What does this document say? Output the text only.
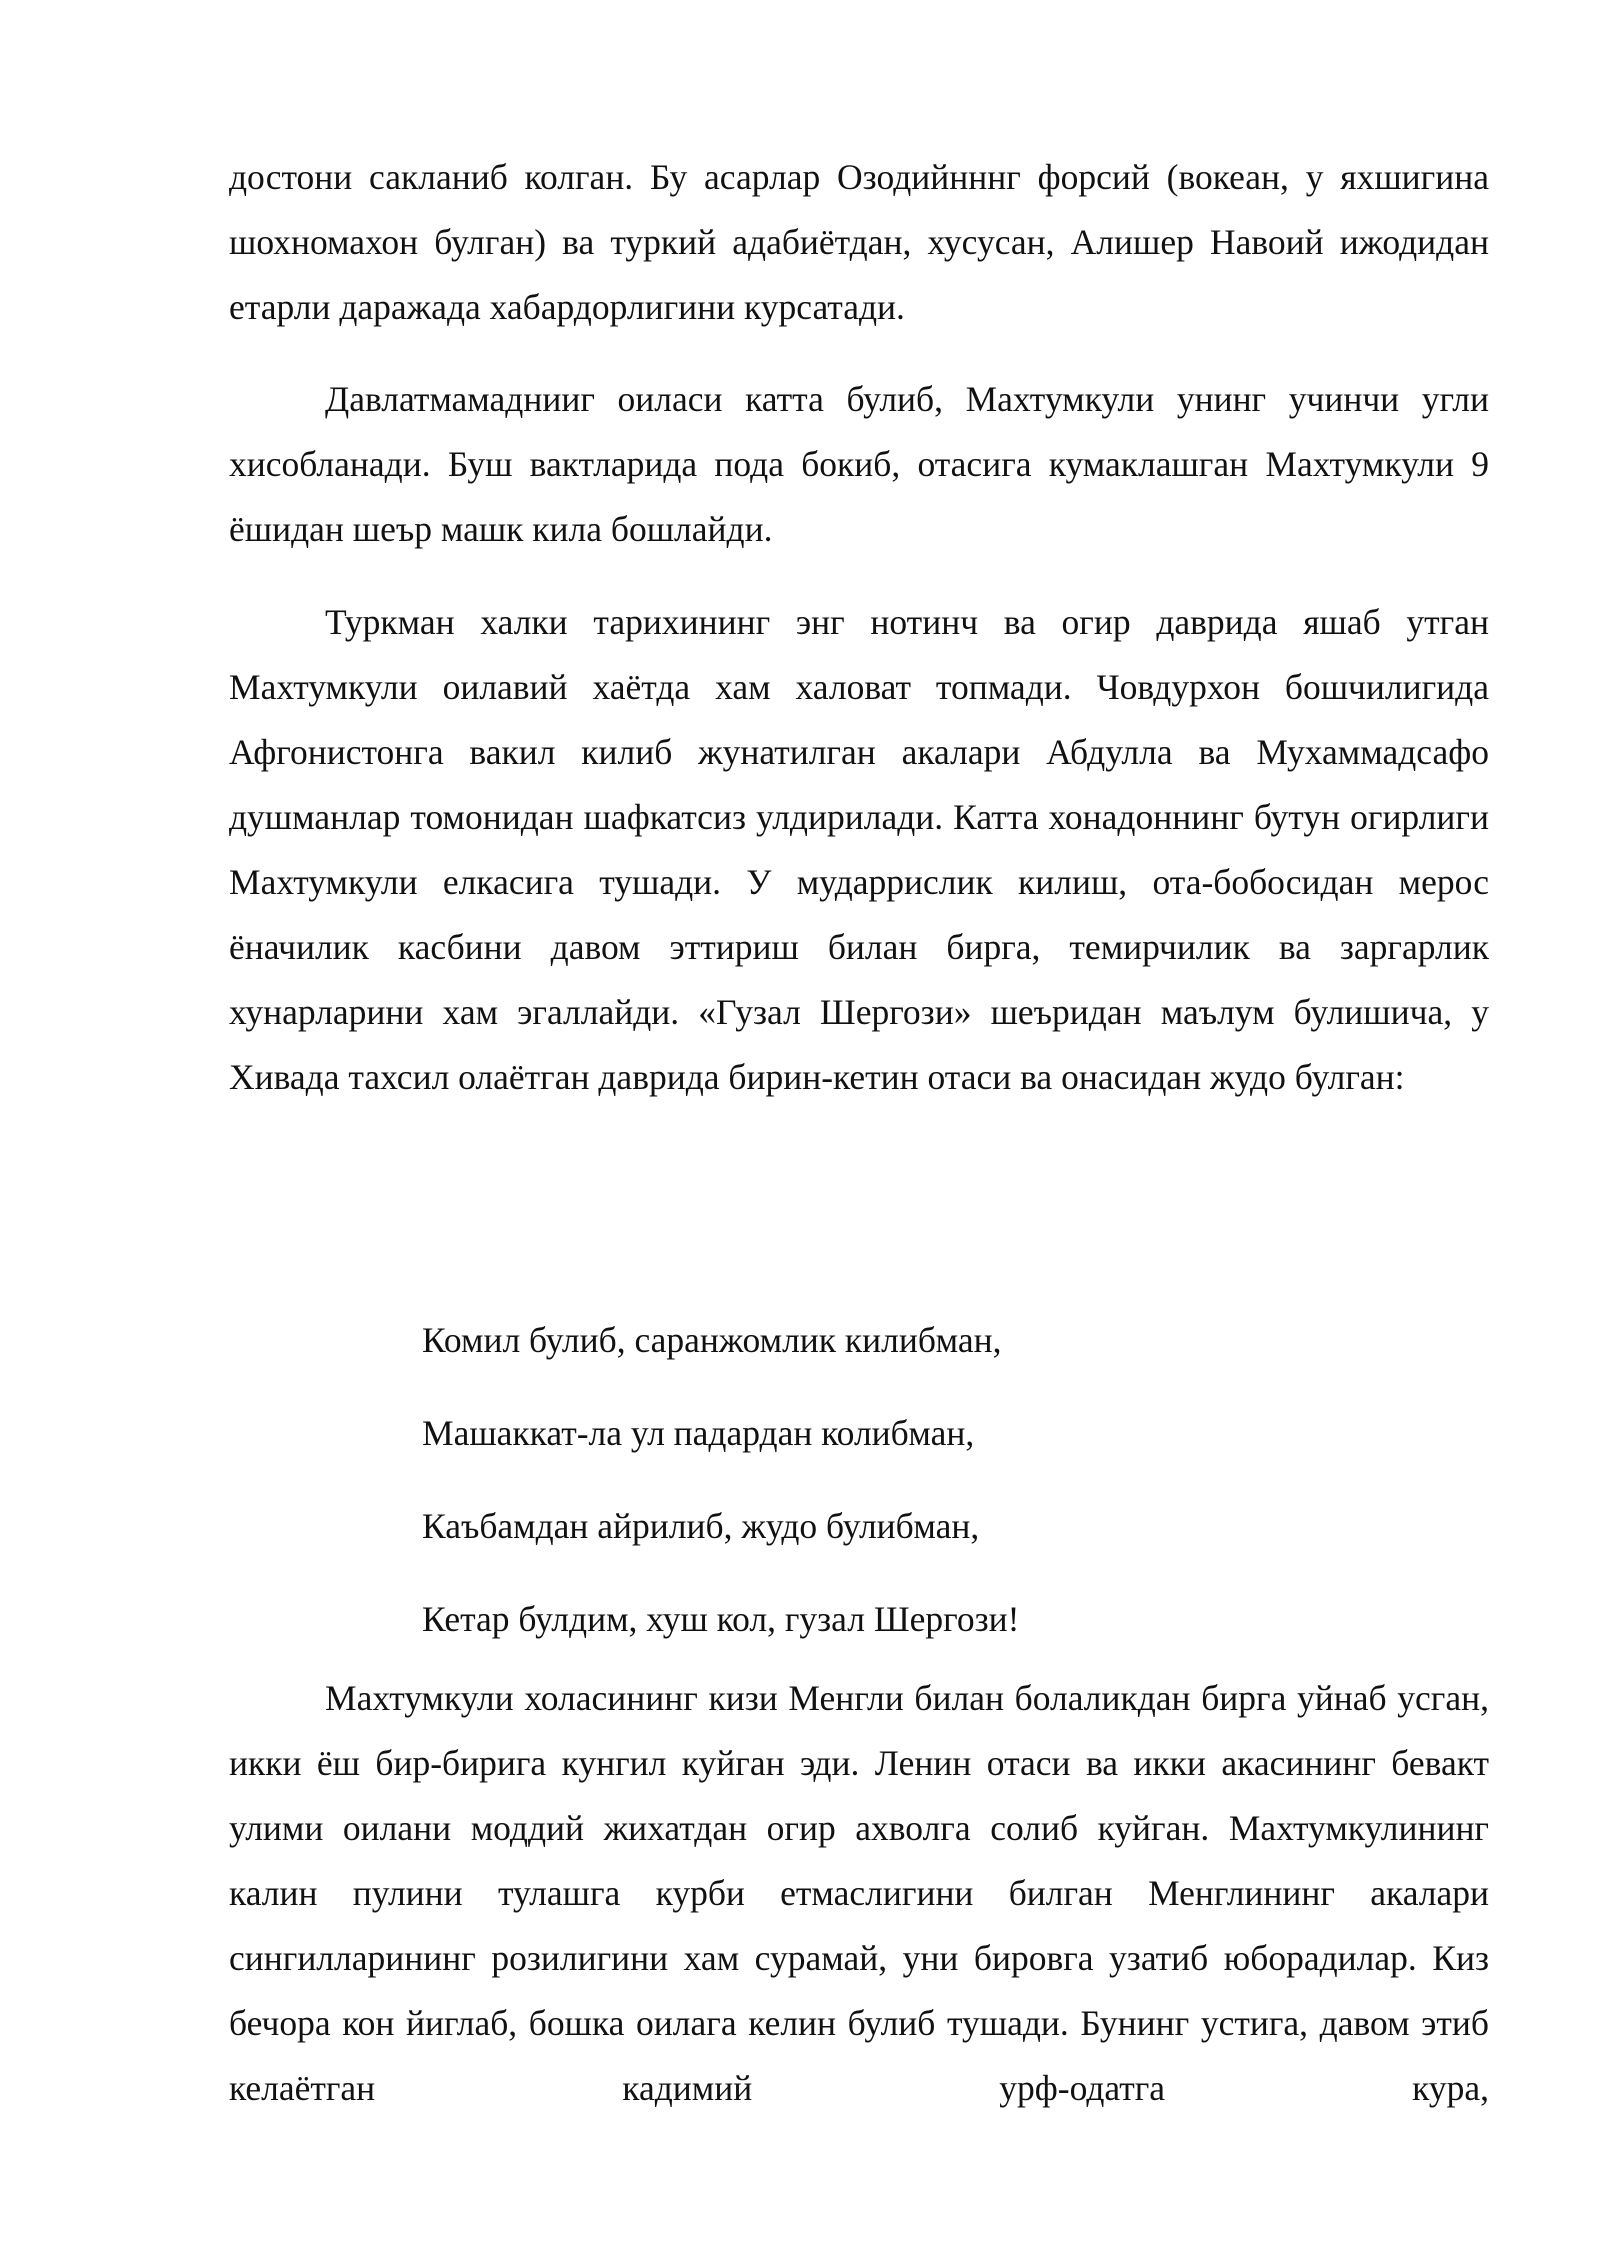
достони сакланиб колган. Бу асарлар Озодийнннг форсий (вокеан, у яхшигина шохномахон булган) ва туркий адабиётдан, хусусан, Алишер Навоий ижодидан етарли даражада хабардорлигини курсатади.

Давлатмамаднииг оиласи катта булиб, Махтумкули унинг учинчи угли хисобланади. Буш вактларида пода бокиб, отасига кумаклашган Махтумкули 9 ёшидан шеър машк кила бошлайди.

Туркман халки тарихининг энг нотинч ва огир даврида яшаб утган Махтумкули оилавий хаётда хам халоват топмади. Човдурхон бошчилигида Афгонистонга вакил килиб жунатилган акалари Абдулла ва Мухаммадсафо душманлар томонидан шафкатсиз улдирилади. Катта хонадоннинг бутун огирлиги Махтумкули елкасига тушади. У мударрислик килиш, ота-бобосидан мерос ёначилик касбини давом эттириш билан бирга, темирчилик ва заргарлик хунарларини хам эгаллайди. «Гузал Шергози» шеъридан маълум булишича, у Хивада тахсил олаётган даврида бирин-кетин отаси ва онасидан жудо булган:

Комил булиб, саранжомлик килибман,

Машаккат-ла ул падардан колибман,

Каъбамдан айрилиб, жудо булибман,

Кетар булдим, хуш кол, гузал Шергози!

Махтумкули холасининг кизи Менгли билан болаликдан бирга уйнаб усган, икки ёш бир-бирига кунгил куйган эди. Ленин отаси ва икки акасининг бевакт улими оилани моддий жихатдан огир ахволга солиб куйган. Махтумкулининг калин пулини тулашга курби етмаслигини билган Менглининг акалари сингилларининг розилигини хам сурамай, уни бировга узатиб юборадилар. Киз бечора кон йиглаб, бошка оилага келин булиб тушади. Бунинг устига, давом этиб келаётган кадимий урф-одатга кура,
